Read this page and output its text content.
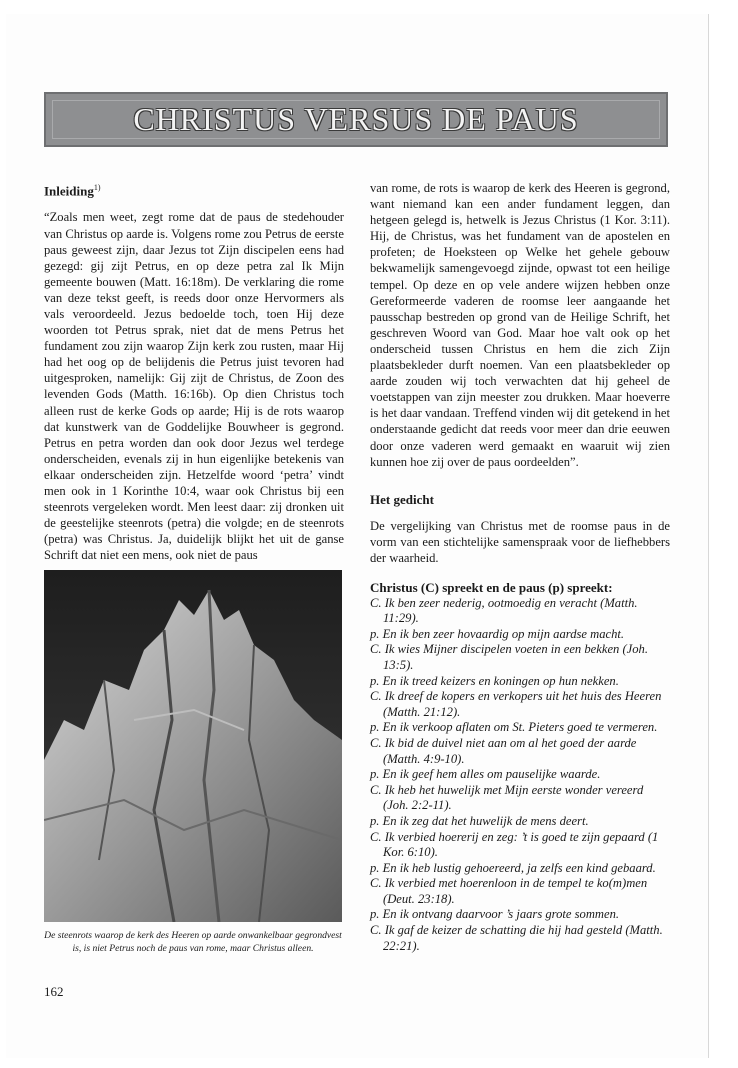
CHRISTUS VERSUS DE PAUS
Inleiding$^{1)}$

“Zoals men weet, zegt rome dat de paus de stedehouder van Christus op aarde is. Volgens rome zou Petrus de eerste paus geweest zijn, daar Jezus tot Zijn discipelen eens had gezegd: gij zijt Petrus, en op deze petra zal Ik Mijn gemeente bouwen (Matt. 16:18m). De verklaring die rome van deze tekst geeft, is reeds door onze Hervormers als vals veroordeeld. Jezus bedoelde toch, toen Hij deze woorden tot Petrus sprak, niet dat de mens Petrus het fundament zou zijn waarop Zijn kerk zou rusten, maar Hij had het oog op de belijdenis die Petrus juist tevoren had uitgesproken, namelijk: Gij zijt de Christus, de Zoon des levenden Gods (Matth. 16:16b). Op dien Christus toch alleen rust de kerke Gods op aarde; Hij is de rots waarop dat kunstwerk van de Goddelijke Bouwheer is gegrond. Petrus en petra worden dan ook door Jezus wel terdege onderscheiden, evenals zij in hun eigenlijke betekenis van elkaar onderscheiden zijn. Hetzelfde woord ‘petra’ vindt men ook in 1 Korinthe 10:4, waar ook Christus bij een steenrots vergeleken wordt. Men leest daar: zij dronken uit de geestelijke steenrots (petra) die volgde; en de steenrots (petra) was Christus. Ja, duidelijk blijkt het uit de ganse Schrift dat niet een mens, ook niet de paus

De steenrots waarop de kerk des Heeren op aarde onwankelbaar gegrondvest is, is niet Petrus noch de paus van rome, maar Christus alleen.
162

van rome, de rots is waarop de kerk des Heeren is gegrond, want niemand kan een ander fundament leggen, dan hetgeen gelegd is, hetwelk is Jezus Christus (1 Kor. 3:11). Hij, de Christus, was het fundament van de apostelen en profeten; de Hoeksteen op Welke het gehele gebouw bekwamelijk samengevoegd zijnde, opwast tot een heilige tempel. Op deze en op vele andere wijzen hebben onze Gereformeerde vaderen de roomse leer aangaande het pausschap bestreden op grond van de Heilige Schrift, het geschreven Woord van God. Maar hoe valt ook op het onderscheid tussen Christus en hem die zich Zijn plaatsbekleder durft noemen. Van een plaatsbekleder op aarde zouden wij toch verwachten dat hij geheel de voetstappen van zijn meester zou drukken. Maar hoeverre is het daar vandaan. Treffend vinden wij dit getekend in het onderstaande gedicht dat reeds voor meer dan drie eeuwen door onze vaderen werd gemaakt en waaruit wij zien kunnen hoe zij over de paus oordeelden”.

Het gedicht

De vergelijking van Christus met de roomse paus in de vorm van een stichtelijke samenspraak voor de liefhebbers der waarheid.

Christus (C) spreekt en de paus (p) spreekt:
C. Ik ben zeer nederig, ootmoedig en veracht (Matth. 11:29).
p. En ik ben zeer hovaardig op mijn aardse macht.
C. Ik wies Mijner discipelen voeten in een bekken (Joh. 13:5).
p. En ik treed keizers en koningen op hun nekken.
C. Ik dreef de kopers en verkopers uit het huis des Heeren (Matth. 21:12).
p. En ik verkoop aflaten om St. Pieters goed te vermeren.
C. Ik bid de duivel niet aan om al het goed der aarde (Matth. 4:9-10).
p. En ik geef hem alles om pauselijke waarde.
C. Ik heb het huwelijk met Mijn eerste wonder vereerd (Joh. 2:2-11).
p. En ik zeg dat het huwelijk de mens deert.
C. Ik verbied hoererij en zeg: ’t is goed te zijn gepaard (1 Kor. 6:10).
p. En ik heb lustig gehoereerd, ja zelfs een kind gebaard.
C. Ik verbied met hoerenloon in de tempel te ko(m)men (Deut. 23:18).
p. En ik ontvang daarvoor ’s jaars grote sommen.
C. Ik gaf de keizer de schatting die hij had gesteld (Matth. 22:21).
